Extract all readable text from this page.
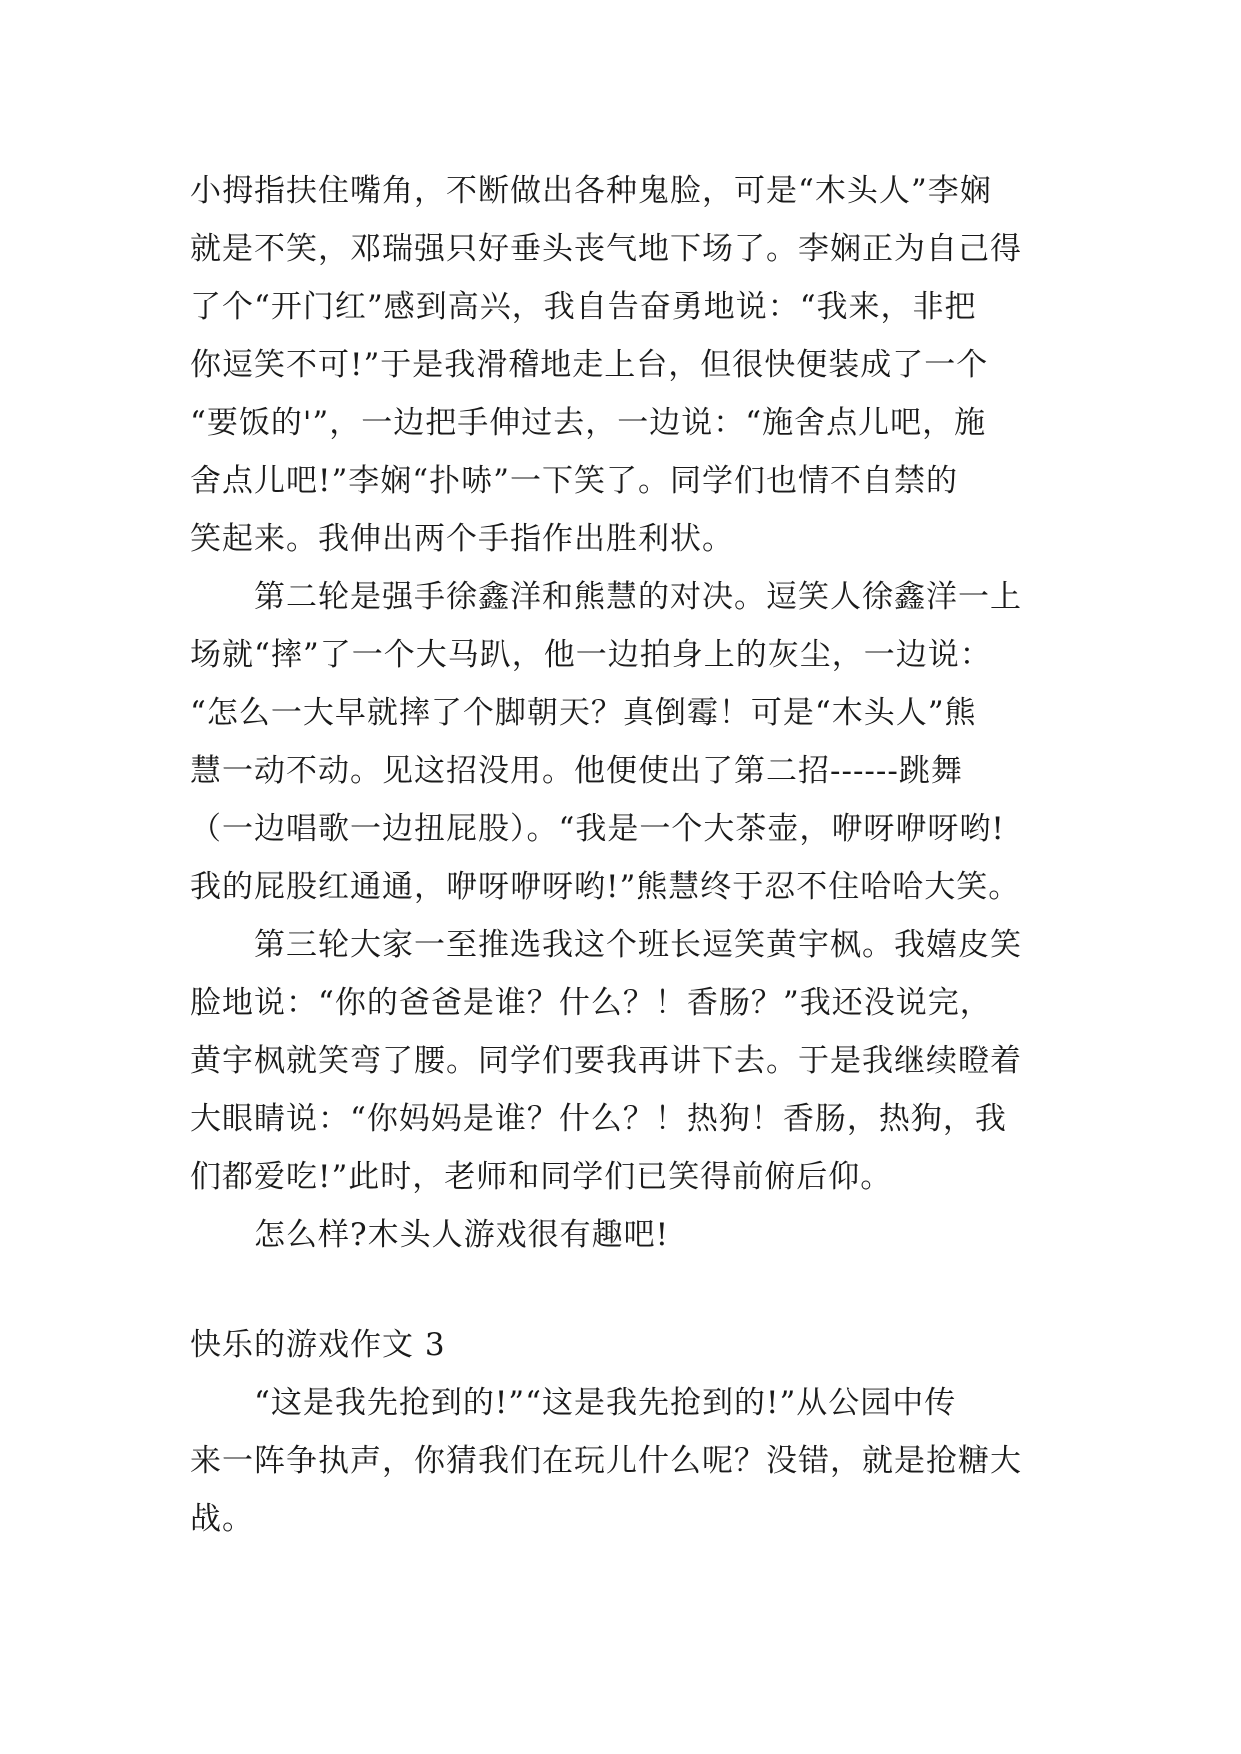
小拇指扶住嘴角，不断做出各种鬼脸，可是“木头人”李娴
就是不笑，邓瑞强只好垂头丧气地下场了。李娴正为自己得
了个“开门红”感到高兴，我自告奋勇地说：“我来，非把
你逗笑不可!”于是我滑稽地走上台，但很快便装成了一个
“要饭的'”，一边把手伸过去，一边说：“施舍点儿吧，施
舍点儿吧!”李娴“扑哧”一下笑了。同学们也情不自禁的
笑起来。我伸出两个手指作出胜利状。
　　第二轮是强手徐鑫洋和熊慧的对决。逗笑人徐鑫洋一上
场就“摔”了一个大马趴，他一边拍身上的灰尘，一边说：
“怎么一大早就摔了个脚朝天？真倒霉！可是“木头人”熊
慧一动不动。见这招没用。他便使出了第二招------跳舞
（一边唱歌一边扭屁股）。“我是一个大茶壶，咿呀咿呀哟!
我的屁股红通通，咿呀咿呀哟!”熊慧终于忍不住哈哈大笑。
　　第三轮大家一至推选我这个班长逗笑黄宇枫。我嬉皮笑
脸地说：“你的爸爸是谁？什么？！香肠？”我还没说完，
黄宇枫就笑弯了腰。同学们要我再讲下去。于是我继续瞪着
大眼睛说：“你妈妈是谁？什么？！热狗！香肠，热狗，我
们都爱吃!”此时，老师和同学们已笑得前俯后仰。
　　怎么样?木头人游戏很有趣吧!
快乐的游戏作文 3
　　“这是我先抢到的!”“这是我先抢到的!”从公园中传
来一阵争执声，你猜我们在玩儿什么呢？没错，就是抢糖大
战。
